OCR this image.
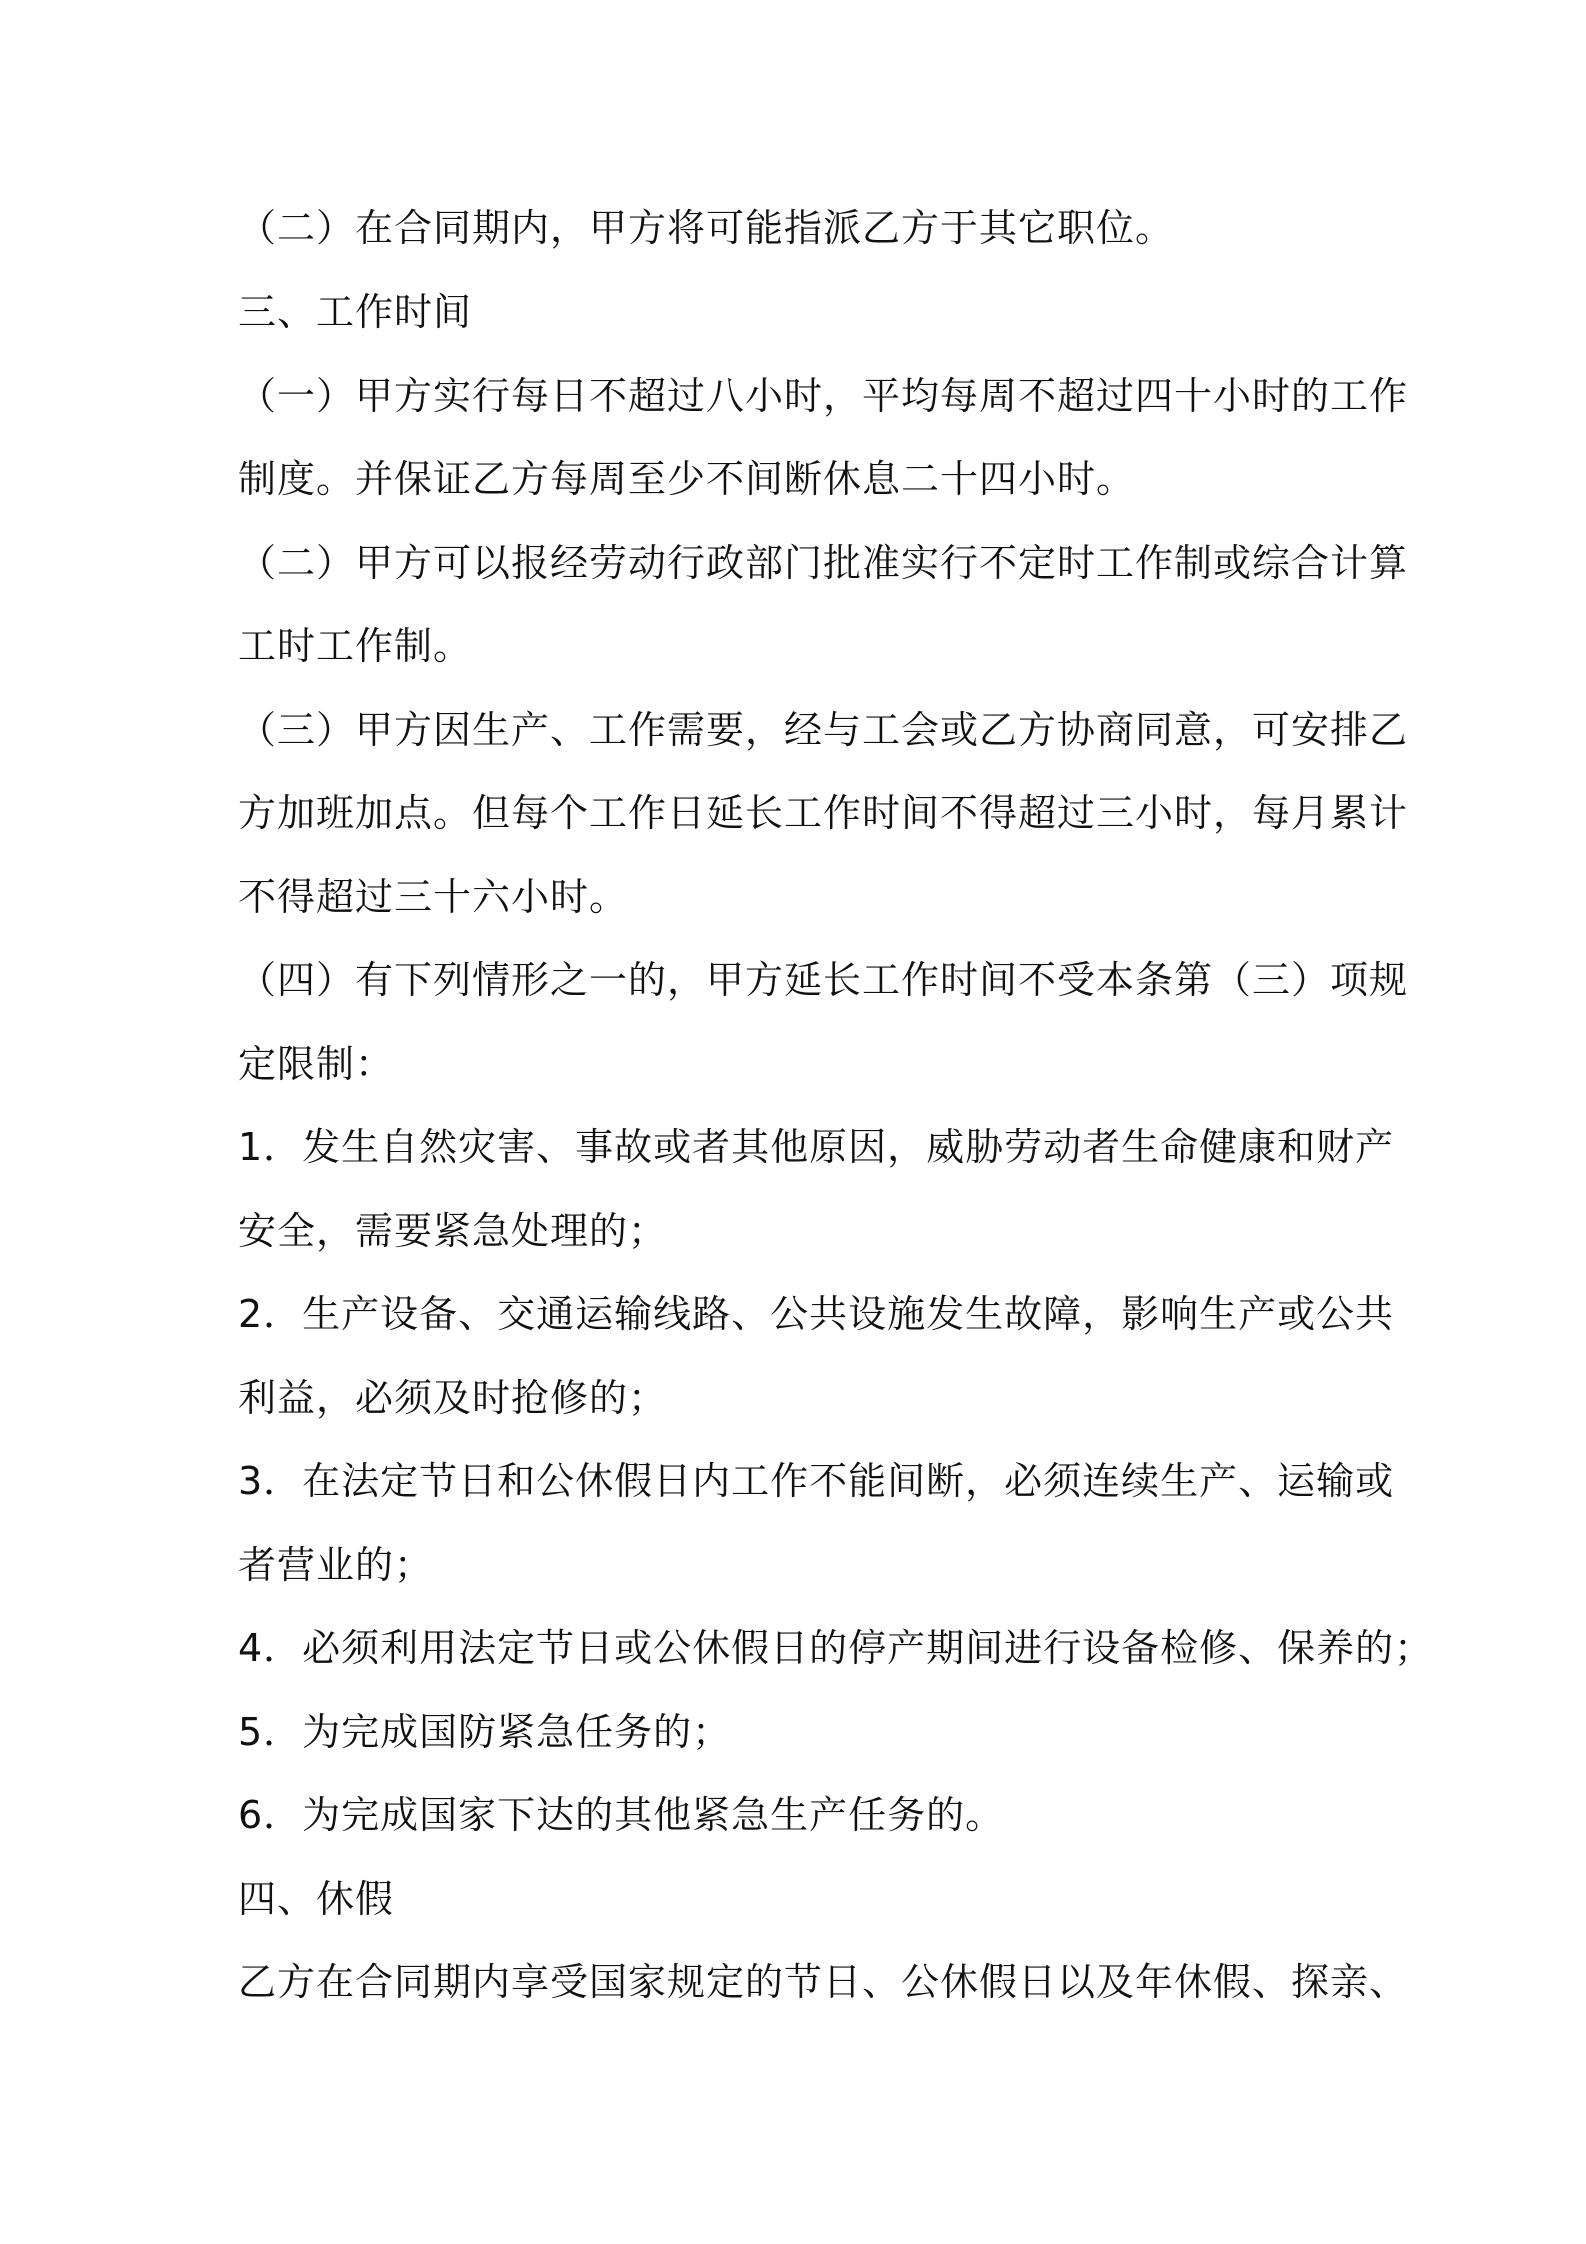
（二）在合同期内，甲方将可能指派乙方于其它职位。
三、工作时间
（一）甲方实行每日不超过八小时，平均每周不超过四十小时的工作
制度。并保证乙方每周至少不间断休息二十四小时。
（二）甲方可以报经劳动行政部门批准实行不定时工作制或综合计算
工时工作制。
（三）甲方因生产、工作需要，经与工会或乙方协商同意，可安排乙
方加班加点。但每个工作日延长工作时间不得超过三小时，每月累计
不得超过三十六小时。
（四）有下列情形之一的，甲方延长工作时间不受本条第（三）项规
定限制：
1．发生自然灾害、事故或者其他原因，威胁劳动者生命健康和财产
安全，需要紧急处理的；
2．生产设备、交通运输线路、公共设施发生故障，影响生产或公共
利益，必须及时抢修的；
3．在法定节日和公休假日内工作不能间断，必须连续生产、运输或
者营业的；
4．必须利用法定节日或公休假日的停产期间进行设备检修、保养的；
5．为完成国防紧急任务的；
6．为完成国家下达的其他紧急生产任务的。
四、休假
乙方在合同期内享受国家规定的节日、公休假日以及年休假、探亲、
